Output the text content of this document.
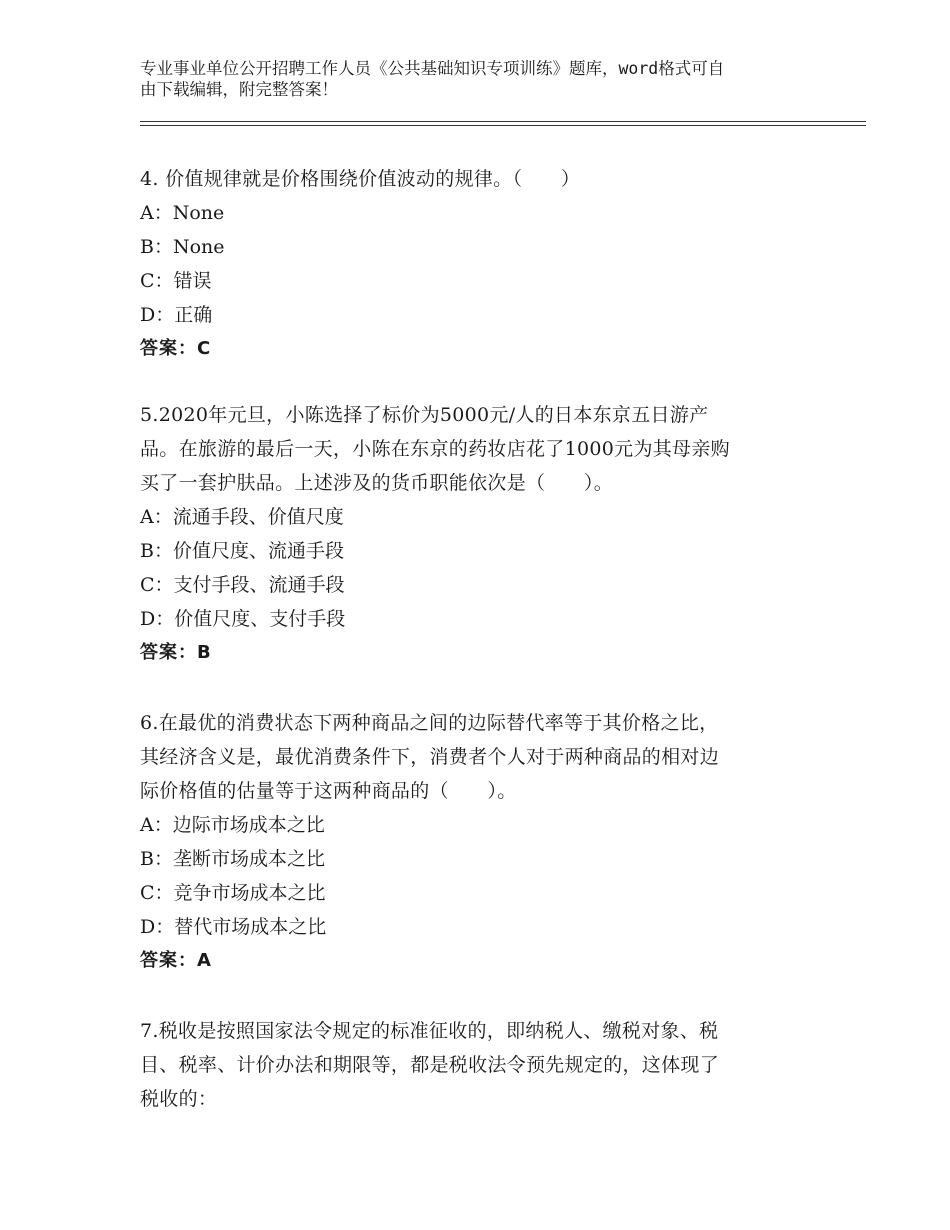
专业事业单位公开招聘工作人员《公共基础知识专项训练》题库，word格式可自
由下载编辑，附完整答案！
4. 价值规律就是价格围绕价值波动的规律。（　　）
A：None
B：None
C：错误
D：正确
答案：C
5.2020年元旦，小陈选择了标价为5000元/人的日本东京五日游产
品。在旅游的最后一天，小陈在东京的药妆店花了1000元为其母亲购
买了一套护肤品。上述涉及的货币职能依次是（　　）。
A：流通手段、价值尺度
B：价值尺度、流通手段
C：支付手段、流通手段
D：价值尺度、支付手段
答案：B
6.在最优的消费状态下两种商品之间的边际替代率等于其价格之比，
其经济含义是，最优消费条件下，消费者个人对于两种商品的相对边
际价格值的估量等于这两种商品的（　　）。
A：边际市场成本之比
B：垄断市场成本之比
C：竞争市场成本之比
D：替代市场成本之比
答案：A
7.税收是按照国家法令规定的标准征收的，即纳税人、缴税对象、税
目、税率、计价办法和期限等，都是税收法令预先规定的，这体现了
税收的：
